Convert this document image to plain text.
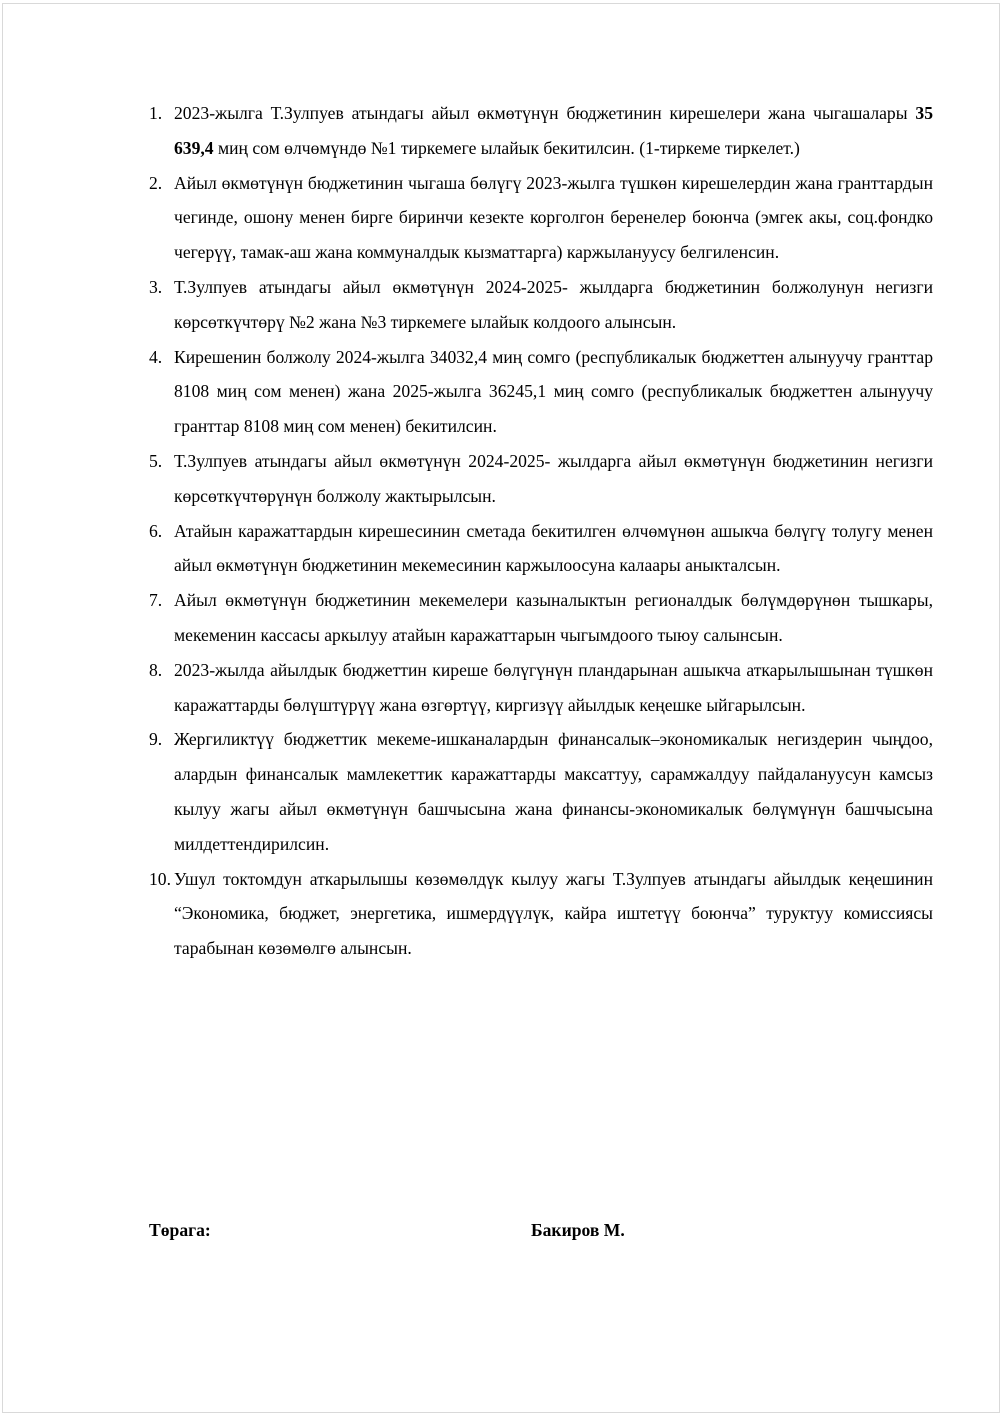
1. 2023-жылга Т.Зулпуев атындагы айыл өкмөтүнүн бюджетинин кирешелери жана чыгашалары 35 639,4 миң сом өлчөмүндө №1 тиркемеге ылайык бекитилсин. (1-тиркеме тиркелет.)
2. Айыл өкмөтүнүн бюджетинин чыгаша бөлүгү 2023-жылга түшкөн кирешелердин жана гранттардын чегинде, ошону менен бирге биринчи кезекте корголгон беренелер боюнча (эмгек акы, соц.фондко чегерүү, тамак-аш жана коммуналдык кызматтарга) каржылануусу белгиленсин.
3. Т.Зулпуев атындагы айыл өкмөтүнүн 2024-2025- жылдарга бюджетинин болжолунун негизги көрсөткүчтөрү №2 жана №3 тиркемеге ылайык колдоого алынсын.
4. Кирешенин болжолу 2024-жылга 34032,4 миң сомго (республикалык бюджеттен алынуучу гранттар 8108 миң сом менен) жана 2025-жылга 36245,1 миң сомго (республикалык бюджеттен алынуучу гранттар 8108 миң сом менен) бекитилсин.
5. Т.Зулпуев атындагы айыл өкмөтүнүн 2024-2025- жылдарга айыл өкмөтүнүн бюджетинин негизги көрсөткүчтөрүнүн болжолу жактырылсын.
6. Атайын каражаттардын кирешесинин сметада бекитилген өлчөмүнөн ашыкча бөлүгү толугу менен айыл өкмөтүнүн бюджетинин мекемесинин каржылоосуна калаары аныкталсын.
7. Айыл өкмөтүнүн бюджетинин мекемелери казыналыктын регионалдык бөлүмдөрүнөн тышкары, мекеменин кассасы аркылуу атайын каражаттарын чыгымдоого тыюу салынсын.
8. 2023-жылда айылдык бюджеттин киреше бөлүгүнүн пландарынан ашыкча аткарылышынан түшкөн каражаттарды бөлүштүрүү жана өзгөртүү, киргизүү айылдык кеңешке ыйгарылсын.
9. Жергиликтүү бюджеттик мекеме-ишканалардын финансалык–экономикалык негиздерин чыңдоо, алардын финансалык мамлекеттик каражаттарды максаттуу, сарамжалдуу пайдалануусун камсыз кылуу жагы айыл өкмөтүнүн башчысына жана финансы-экономикалык бөлүмүнүн башчысына милдеттендирилсин.
10. Ушул токтомдун аткарылышы көзөмөлдүк кылуу жагы Т.Зулпуев атындагы айылдык кеңешинин “Экономика, бюджет, энергетика, ишмердүүлүк, кайра иштетүү боюнча” туруктуу комиссиясы тарабынан көзөмөлгө алынсын.
Төрага:	Бакиров М.
